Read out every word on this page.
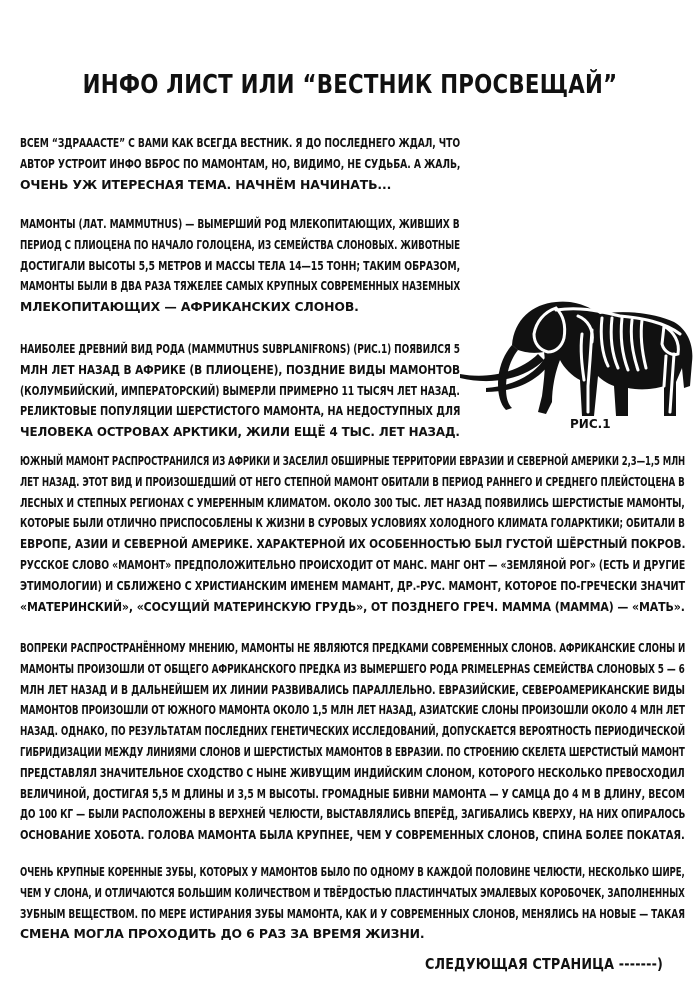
ИНФО ЛИСТ ИЛИ “ВЕСТНИК ПРОСВЕЩАЙ”
ВСЕМ “ЗДРАААСТЕ” С ВАМИ КАК ВСЕГДА ВЕСТНИК. Я ДО ПОСЛЕДНЕГО ЖДАЛ, ЧТО
АВТОР УСТРОИТ ИНФО ВБРОС ПО МАМОНТАМ, НО, ВИДИМО, НЕ СУДЬБА. А ЖАЛЬ,
ОЧЕНЬ УЖ ИТЕРЕСНАЯ ТЕМА. НАЧНЁМ НАЧИНАТЬ...
МАМОНТЫ (ЛАТ. MAMMUTHUS) — ВЫМЕРШИЙ РОД МЛЕКОПИТАЮЩИХ, ЖИВШИХ В
ПЕРИОД С ПЛИОЦЕНА ПО НАЧАЛО ГОЛОЦЕНА, ИЗ СЕМЕЙСТВА СЛОНОВЫХ. ЖИВОТНЫЕ
ДОСТИГАЛИ ВЫСОТЫ 5,5 МЕТРОВ И МАССЫ ТЕЛА 14—15 ТОНН; ТАКИМ ОБРАЗОМ,
МАМОНТЫ БЫЛИ В ДВА РАЗА ТЯЖЕЛЕЕ САМЫХ КРУПНЫХ СОВРЕМЕННЫХ НАЗЕМНЫХ
МЛЕКОПИТАЮЩИХ — АФРИКАНСКИХ СЛОНОВ.
НАИБОЛЕЕ ДРЕВНИЙ ВИД РОДА (MAMMUTHUS SUBPLANIFRONS) (РИС.1) ПОЯВИЛСЯ 5
МЛН ЛЕТ НАЗАД В АФРИКЕ (В ПЛИОЦЕНЕ), ПОЗДНИЕ ВИДЫ МАМОНТОВ
(КОЛУМБИЙСКИЙ, ИМПЕРАТОРСКИЙ) ВЫМЕРЛИ ПРИМЕРНО 11 ТЫСЯЧ ЛЕТ НАЗАД.
РЕЛИКТОВЫЕ ПОПУЛЯЦИИ ШЕРСТИСТОГО МАМОНТА, НА НЕДОСТУПНЫХ ДЛЯ
ЧЕЛОВЕКА ОСТРОВАХ АРКТИКИ, ЖИЛИ ЕЩЁ 4 ТЫС. ЛЕТ НАЗАД.
РИС.1
ЮЖНЫЙ МАМОНТ РАСПРОСТРАНИЛСЯ ИЗ АФРИКИ И ЗАСЕЛИЛ ОБШИРНЫЕ ТЕРРИТОРИИ ЕВРАЗИИ И СЕВЕРНОЙ АМЕРИКИ 2,3—1,5 МЛН
ЛЕТ НАЗАД. ЭТОТ ВИД И ПРОИЗОШЕДШИЙ ОТ НЕГО СТЕПНОЙ МАМОНТ ОБИТАЛИ В ПЕРИОД РАННЕГО И СРЕДНЕГО ПЛЕЙСТОЦЕНА В
ЛЕСНЫХ И СТЕПНЫХ РЕГИОНАХ С УМЕРЕННЫМ КЛИМАТОМ. ОКОЛО 300 ТЫС. ЛЕТ НАЗАД ПОЯВИЛИСЬ ШЕРСТИСТЫЕ МАМОНТЫ,
КОТОРЫЕ БЫЛИ ОТЛИЧНО ПРИСПОСОБЛЕНЫ К ЖИЗНИ В СУРОВЫХ УСЛОВИЯХ ХОЛОДНОГО КЛИМАТА ГОЛАРКТИКИ; ОБИТАЛИ В
ЕВРОПЕ, АЗИИ И СЕВЕРНОЙ АМЕРИКЕ. ХАРАКТЕРНОЙ ИХ ОСОБЕННОСТЬЮ БЫЛ ГУСТОЙ ШЁРСТНЫЙ ПОКРОВ.
РУССКОЕ СЛОВО «МАМОНТ» ПРЕДПОЛОЖИТЕЛЬНО ПРОИСХОДИТ ОТ МАНС. МАНГ ОНТ — «ЗЕМЛЯНОЙ РОГ» (ЕСТЬ И ДРУГИЕ
ЭТИМОЛОГИИ) И СБЛИЖЕНО С ХРИСТИАНСКИМ ИМЕНЕМ МАМАНТ, ДР.-РУС. МАМОНТ, КОТОРОЕ ПО-ГРЕЧЕСКИ ЗНАЧИТ
«МАТЕРИНСКИЙ», «СОСУЩИЙ МАТЕРИНСКУЮ ГРУДЬ», ОТ ПОЗДНЕГО ГРЕЧ. ΜΑΜΜΑ (МАММА) — «МАТЬ».
ВОПРЕКИ РАСПРОСТРАНЁННОМУ МНЕНИЮ, МАМОНТЫ НЕ ЯВЛЯЮТСЯ ПРЕДКАМИ СОВРЕМЕННЫХ СЛОНОВ. АФРИКАНСКИЕ СЛОНЫ И
МАМОНТЫ ПРОИЗОШЛИ ОТ ОБЩЕГО АФРИКАНСКОГО ПРЕДКА ИЗ ВЫМЕРШЕГО РОДА PRIMELEPHAS СЕМЕЙСТВА СЛОНОВЫХ 5 — 6
МЛН ЛЕТ НАЗАД И В ДАЛЬНЕЙШЕМ ИХ ЛИНИИ РАЗВИВАЛИСЬ ПАРАЛЛЕЛЬНО. ЕВРАЗИЙСКИЕ, СЕВЕРОАМЕРИКАНСКИЕ ВИДЫ
МАМОНТОВ ПРОИЗОШЛИ ОТ ЮЖНОГО МАМОНТА ОКОЛО 1,5 МЛН ЛЕТ НАЗАД, АЗИАТСКИЕ СЛОНЫ ПРОИЗОШЛИ ОКОЛО 4 МЛН ЛЕТ
НАЗАД. ОДНАКО, ПО РЕЗУЛЬТАТАМ ПОСЛЕДНИХ ГЕНЕТИЧЕСКИХ ИССЛЕДОВАНИЙ, ДОПУСКАЕТСЯ ВЕРОЯТНОСТЬ ПЕРИОДИЧЕСКОЙ
ГИБРИДИЗАЦИИ МЕЖДУ ЛИНИЯМИ СЛОНОВ И ШЕРСТИСТЫХ МАМОНТОВ В ЕВРАЗИИ. ПО СТРОЕНИЮ СКЕЛЕТА ШЕРСТИСТЫЙ МАМОНТ
ПРЕДСТАВЛЯЛ ЗНАЧИТЕЛЬНОЕ СХОДСТВО С НЫНЕ ЖИВУЩИМ ИНДИЙСКИМ СЛОНОМ, КОТОРОГО НЕСКОЛЬКО ПРЕВОСХОДИЛ
ВЕЛИЧИНОЙ, ДОСТИГАЯ 5,5 М ДЛИНЫ И 3,5 М ВЫСОТЫ. ГРОМАДНЫЕ БИВНИ МАМОНТА — У САМЦА ДО 4 М В ДЛИНУ, ВЕСОМ
ДО 100 КГ — БЫЛИ РАСПОЛОЖЕНЫ В ВЕРХНЕЙ ЧЕЛЮСТИ, ВЫСТАВЛЯЛИСЬ ВПЕРЁД, ЗАГИБАЛИСЬ КВЕРХУ, НА НИХ ОПИРАЛОСЬ
ОСНОВАНИЕ ХОБОТА. ГОЛОВА МАМОНТА БЫЛА КРУПНЕЕ, ЧЕМ У СОВРЕМЕННЫХ СЛОНОВ, СПИНА БОЛЕЕ ПОКАТАЯ.
ОЧЕНЬ КРУПНЫЕ КОРЕННЫЕ ЗУБЫ, КОТОРЫХ У МАМОНТОВ БЫЛО ПО ОДНОМУ В КАЖДОЙ ПОЛОВИНЕ ЧЕЛЮСТИ, НЕСКОЛЬКО ШИРЕ,
ЧЕМ У СЛОНА, И ОТЛИЧАЮТСЯ БОЛЬШИМ КОЛИЧЕСТВОМ И ТВЁРДОСТЬЮ ПЛАСТИНЧАТЫХ ЭМАЛЕВЫХ КОРОБОЧЕК, ЗАПОЛНЕННЫХ
ЗУБНЫМ ВЕЩЕСТВОМ. ПО МЕРЕ ИСТИРАНИЯ ЗУБЫ МАМОНТА, КАК И У СОВРЕМЕННЫХ СЛОНОВ, МЕНЯЛИСЬ НА НОВЫЕ — ТАКАЯ
СМЕНА МОГЛА ПРОХОДИТЬ ДО 6 РАЗ ЗА ВРЕМЯ ЖИЗНИ.
СЛЕДУЮЩАЯ СТРАНИЦА -------)
